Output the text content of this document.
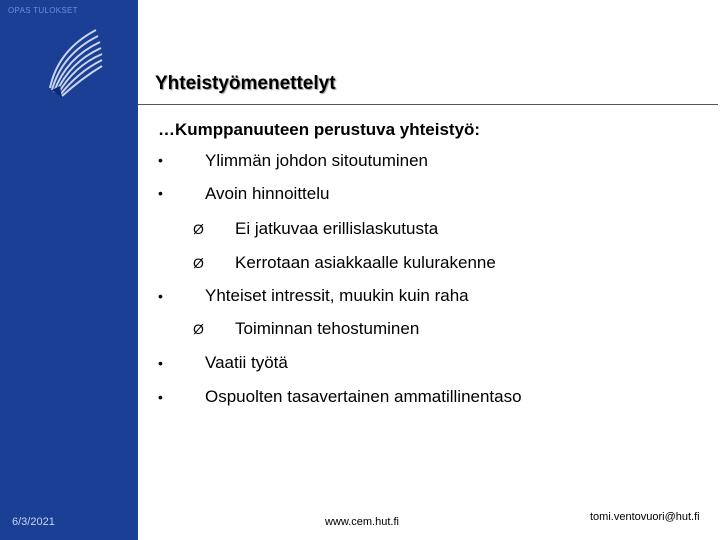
OPAS TULOKSET
6/3/2021
Yhteistyömenettelyt
…Kumppanuuteen perustuva yhteistyö:
• Ylimmän johdon sitoutuminen
• Avoin hinnoittelu
Ø Ei jatkuvaa erillislaskutusta
Ø Kerrotaan asiakkaalle kulurakenne
• Yhteiset intressit, muukin kuin raha
Ø Toiminnan tehostuminen
• Vaatii työtä
• Ospuolten tasavertainen ammatillinentaso
www.cem.hut.fi	tomi.ventovuori@hut.fi
